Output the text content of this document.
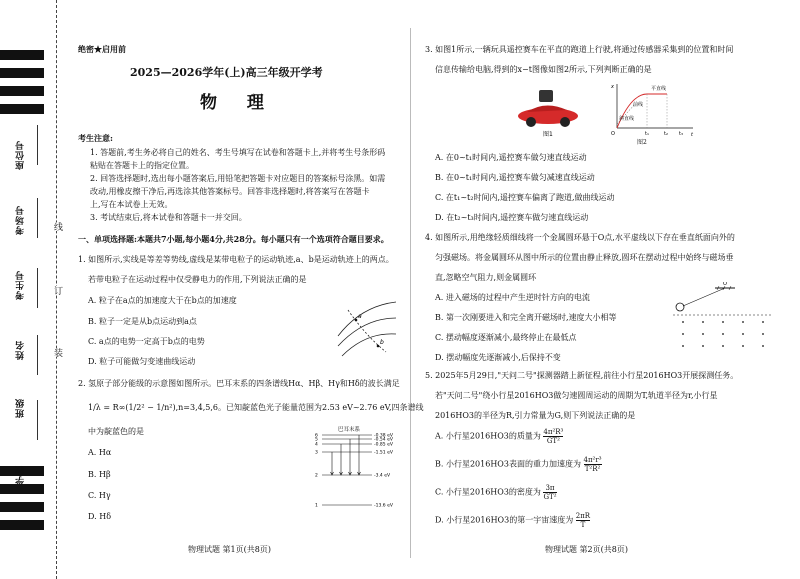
座位号
考场号
考生号
姓名
班级
学校
线
订
装
绝密★启用前
2025—2026学年(上)高三年级开学考
物 理
考生注意:
1. 答题前,考生务必将自己的姓名、考生号填写在试卷和答题卡上,并将考生号条形码
粘贴在答题卡上的指定位置。
2. 回答选择题时,选出每小题答案后,用铅笔把答题卡对应题目的答案标号涂黑。如需
改动,用橡皮擦干净后,再选涂其他答案标号。回答非选择题时,将答案写在答题卡
上,写在本试卷上无效。
3. 考试结束后,将本试卷和答题卡一并交回。
一、单项选择题:本题共7小题,每小题4分,共28分。每小题只有一个选项符合题目要求。
1. 如图所示,实线是等差等势线,虚线是某带电粒子的运动轨迹,a、b是运动轨迹上的两点。
若带电粒子在运动过程中仅受静电力的作用,下列说法正确的是
A. 粒子在a点的加速度大于在b点的加速度
B. 粒子一定是从b点运动到a点
C. a点的电势一定高于b点的电势
D. 粒子可能做匀变速曲线运动
a
b
2. 氢原子部分能级的示意图如图所示。巴耳末系的四条谱线Hα、Hβ、Hγ和Hδ的波长满足
1/λ = R∞(1/2² − 1/n²),n=3,4,5,6。已知靛蓝色光子能量范围为2.53 eV~2.76 eV,四条谱线
中为靛蓝色的是
A. Hα
B. Hβ
C. Hγ
D. Hδ
巴耳末系
6	-0.38 eV
5	-0.54 eV
4	-0.85 eV
3	-1.51 eV
2	-3.4 eV
1	-13.6 eV
物理试题 第1页(共8页)
3. 如图1所示,一辆玩具遥控赛车在平直的跑道上行驶,将通过传感器采集到的位置和时间
信息传输给电脑,得到的x−t图像如图2所示,下列判断正确的是
图1
x
t
O	t₁	t₂ t₃
前线
平直线
斜直线
图2
A. 在0~t₁时间内,遥控赛车做匀速直线运动
B. 在0~t₁时间内,遥控赛车做匀减速直线运动
C. 在t₁~t₂时间内,遥控赛车偏离了跑道,做曲线运动
D. 在t₂~t₃时间内,遥控赛车做匀速直线运动
4. 如图所示,用绝缘轻质细线将一个金属圆环悬于O点,水平虚线以下存在垂直纸面向外的
匀强磁场。将金属圆环从图中所示的位置由静止释放,圆环在摆动过程中始终与磁场垂
直,忽略空气阻力,则金属圆环
A. 进入磁场的过程中产生逆时针方向的电流
B. 第一次刚要进入和完全离开磁场时,速度大小相等
C. 摆动幅度逐渐减小,最终停止在最低点
D. 摆动幅度先逐渐减小,后保持不变
O
5. 2025年5月29日,"天问二号"探测器踏上新征程,前往小行星2016HO3开展探测任务。
若"天问二号"绕小行星2016HO3做匀速圆周运动的周期为T,轨道半径为r,小行星
2016HO3的半径为R,引力常量为G,则下列说法正确的是
A. 小行星2016HO3的质量为 $\frac{\text{4π²R³}}{\text{GT²}}$
B. 小行星2016HO3表面的重力加速度为 $\frac{\text{4π²r³}}{\text{T²R²}}$
C. 小行星2016HO3的密度为 $\frac{3\pi}{\text{GT²}}$
D. 小行星2016HO3的第一宇宙速度为 $\frac{2\pi R}{T}$
物理试题 第2页(共8页)
